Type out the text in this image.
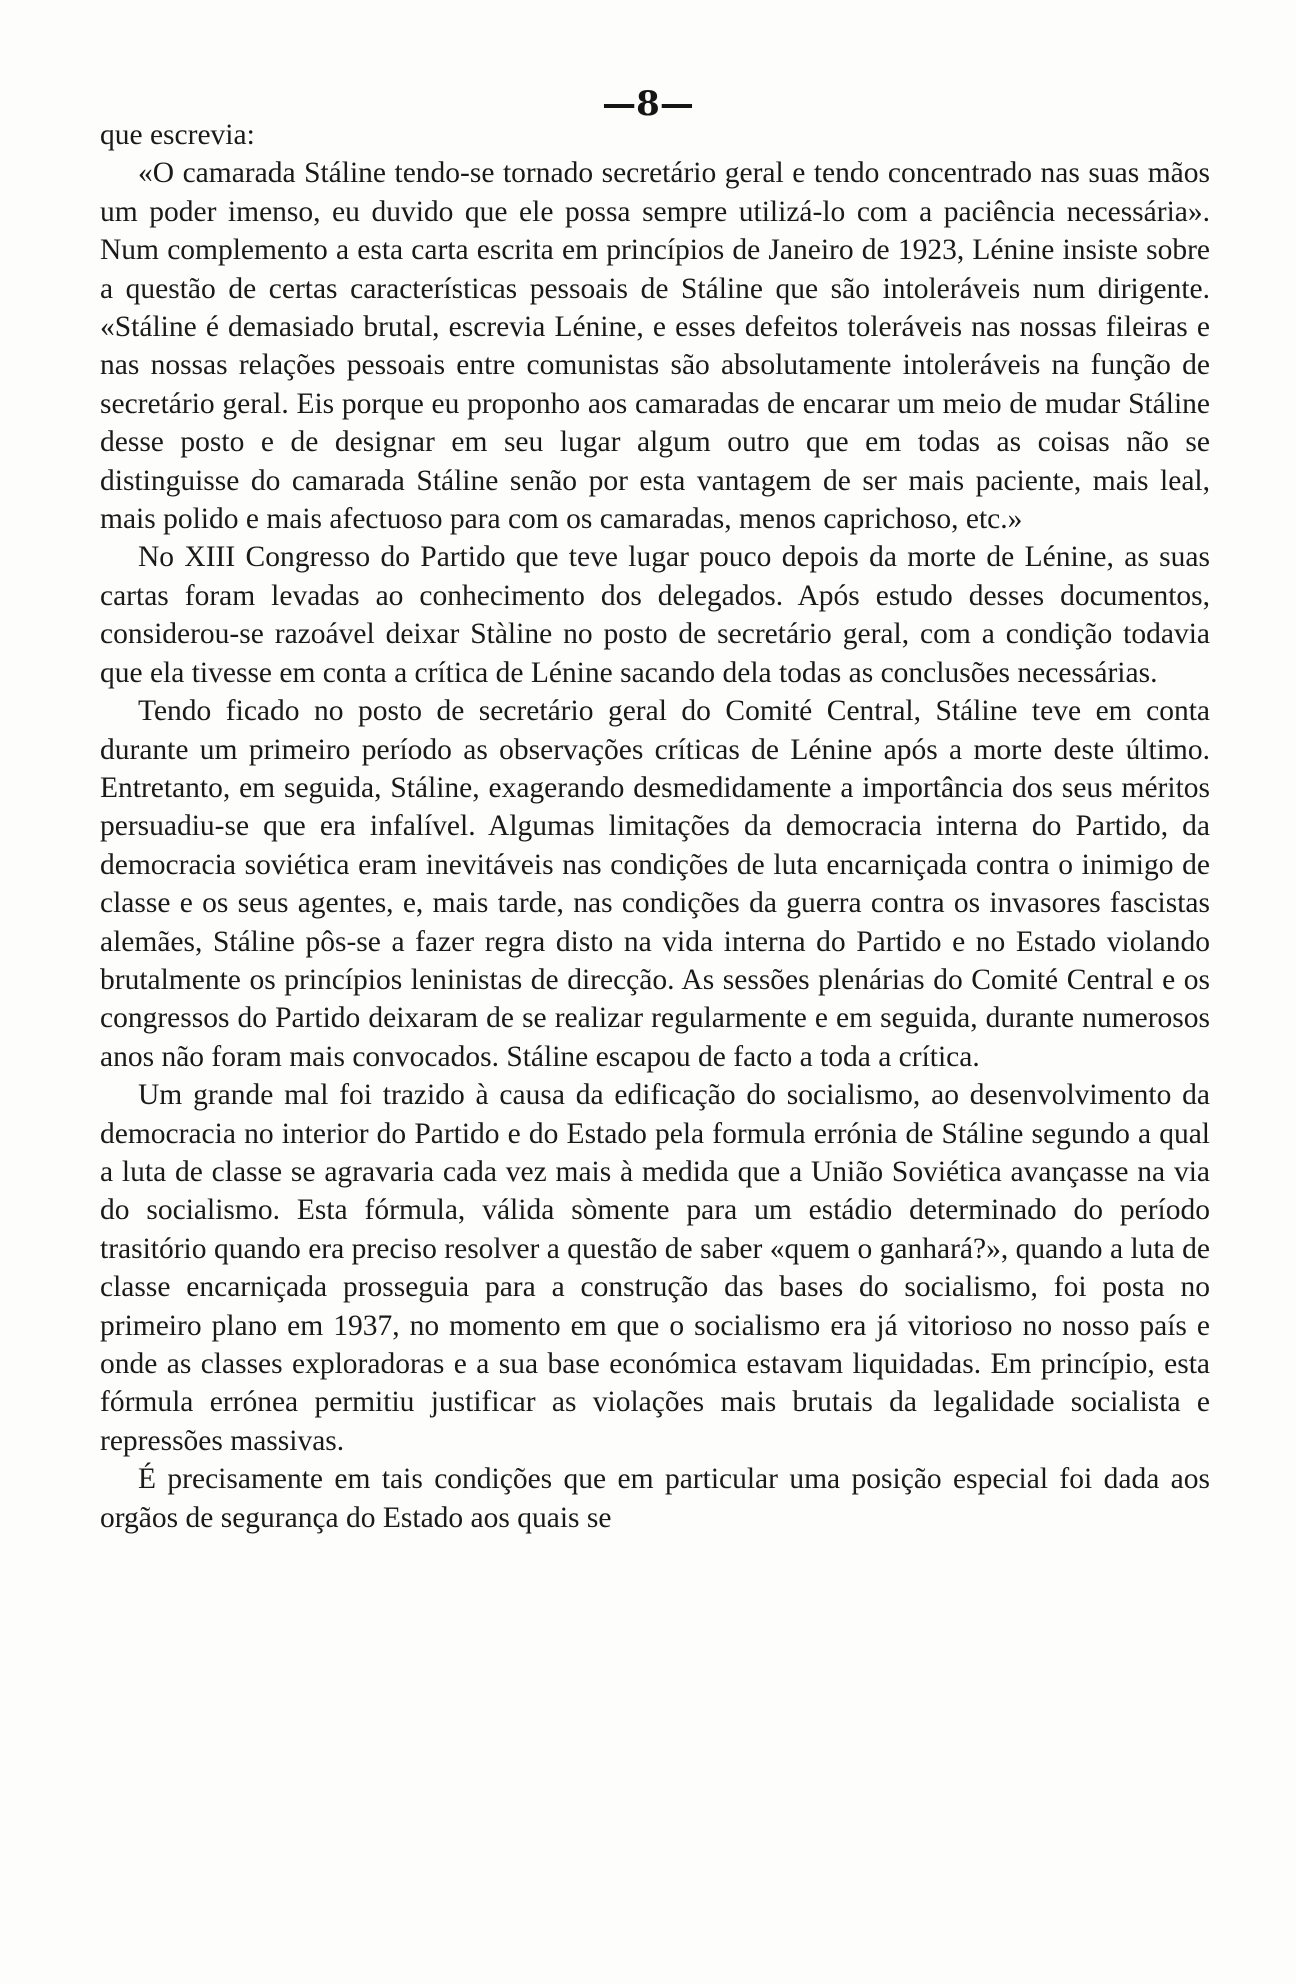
—8—

que escrevia:

«O camarada Stáline tendo-se tornado secretário geral e tendo concentrado nas suas mãos um poder imenso, eu duvido que ele possa sempre utilizá-lo com a paciência necessária». Num complemento a esta carta escrita em princípios de Janeiro de 1923, Lénine insiste sobre a questão de certas características pessoais de Stáline que são intoleráveis num dirigente. «Stáline é demasiado brutal, escrevia Lénine, e esses defeitos toleráveis nas nossas fileiras e nas nossas relações pessoais entre comunistas são absolutamente intoleráveis na função de secretário geral. Eis porque eu proponho aos camaradas de encarar um meio de mudar Stáline desse posto e de designar em seu lugar algum outro que em todas as coisas não se distinguisse do camarada Stáline senão por esta vantagem de ser mais paciente, mais leal, mais polido e mais afectuoso para com os camaradas, menos caprichoso, etc.»

No XIII Congresso do Partido que teve lugar pouco depois da morte de Lénine, as suas cartas foram levadas ao conhecimento dos delegados. Após estudo desses documentos, considerou-se razoável deixar Stàline no posto de secretário geral, com a condição todavia que ela tivesse em conta a crítica de Lénine sacando dela todas as conclusões necessárias.

Tendo ficado no posto de secretário geral do Comité Central, Stáline teve em conta durante um primeiro período as observações críticas de Lénine após a morte deste último. Entretanto, em seguida, Stáline, exagerando desmedidamente a importância dos seus méritos persuadiu-se que era infalível. Algumas limitações da democracia interna do Partido, da democracia soviética eram inevitáveis nas condições de luta encarniçada contra o inimigo de classe e os seus agentes, e, mais tarde, nas condições da guerra contra os invasores fascistas alemães, Stáline pôs-se a fazer regra disto na vida interna do Partido e no Estado violando brutalmente os princípios leninistas de direcção. As sessões plenárias do Comité Central e os congressos do Partido deixaram de se realizar regularmente e em seguida, durante numerosos anos não foram mais convocados. Stáline escapou de facto a toda a crítica.

Um grande mal foi trazido à causa da edificação do socialismo, ao desenvolvimento da democracia no interior do Partido e do Estado pela formula errónia de Stáline segundo a qual a luta de classe se agravaria cada vez mais à medida que a União Soviética avançasse na via do socialismo. Esta fórmula, válida sòmente para um estádio determinado do período trasitório quando era preciso resolver a questão de saber «quem o ganhará?», quando a luta de classe encarniçada prosseguia para a construção das bases do socialismo, foi posta no primeiro plano em 1937, no momento em que o socialismo era já vitorioso no nosso país e onde as classes exploradoras e a sua base económica estavam liquidadas. Em princípio, esta fórmula errónea permitiu justificar as violações mais brutais da legalidade socialista e repressões massivas.

É precisamente em tais condições que em particular uma posição especial foi dada aos orgãos de segurança do Estado aos quais se
